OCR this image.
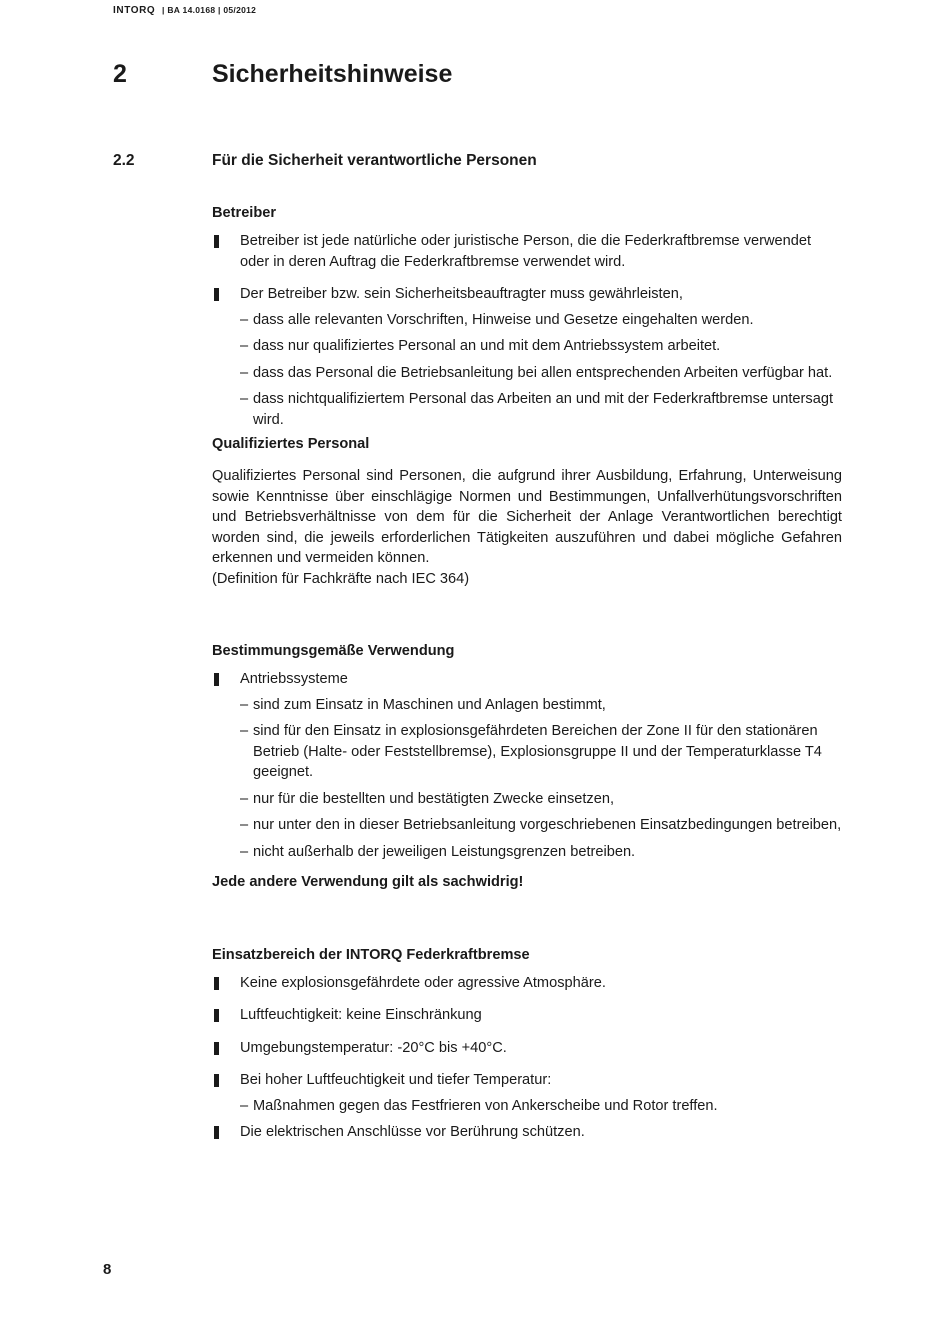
INTORQ | BA 14.0168 | 05/2012
2	Sicherheitshinweise
2.2	Für die Sicherheit verantwortliche Personen
Betreiber

Betreiber ist jede natürliche oder juristische Person, die die Federkraftbremse verwendet oder in deren Auftrag die Federkraftbremse verwendet wird.

Der Betreiber bzw. sein Sicherheitsbeauftragter muss gewährleisten,

– dass alle relevanten Vorschriften, Hinweise und Gesetze eingehalten werden.

– dass nur qualifiziertes Personal an und mit dem Antriebssystem arbeitet.

– dass das Personal die Betriebsanleitung bei allen entsprechenden Arbeiten verfügbar hat.

– dass nichtqualifiziertem Personal das Arbeiten an und mit der Federkraftbremse untersagt wird.

Qualifiziertes Personal

Qualifiziertes Personal sind Personen, die aufgrund ihrer Ausbildung, Erfahrung, Unterweisung sowie Kenntnisse über einschlägige Normen und Bestimmungen, Unfallverhütungsvorschriften und Betriebsverhältnisse von dem für die Sicherheit der Anlage Verantwortlichen berechtigt worden sind, die jeweils erforderlichen Tätigkeiten auszuführen und dabei mögliche Gefahren erkennen und vermeiden können.

(Definition für Fachkräfte nach IEC 364)

Bestimmungsgemäße Verwendung

Antriebssysteme

– sind zum Einsatz in Maschinen und Anlagen bestimmt,

– sind für den Einsatz in explosionsgefährdeten Bereichen der Zone II für den stationären Betrieb (Halte- oder Feststellbremse), Explosionsgruppe II und der Temperaturklasse T4 geeignet.

– nur für die bestellten und bestätigten Zwecke einsetzen,

– nur unter den in dieser Betriebsanleitung vorgeschriebenen Einsatzbedingungen betreiben,

– nicht außerhalb der jeweiligen Leistungsgrenzen betreiben.

Jede andere Verwendung gilt als sachwidrig!

Einsatzbereich der INTORQ Federkraftbremse

Keine explosionsgefährdete oder agressive Atmosphäre.

Luftfeuchtigkeit: keine Einschränkung

Umgebungstemperatur: -20°C bis +40°C.

Bei hoher Luftfeuchtigkeit und tiefer Temperatur:

– Maßnahmen gegen das Festfrieren von Ankerscheibe und Rotor treffen.

Die elektrischen Anschlüsse vor Berührung schützen.

8
